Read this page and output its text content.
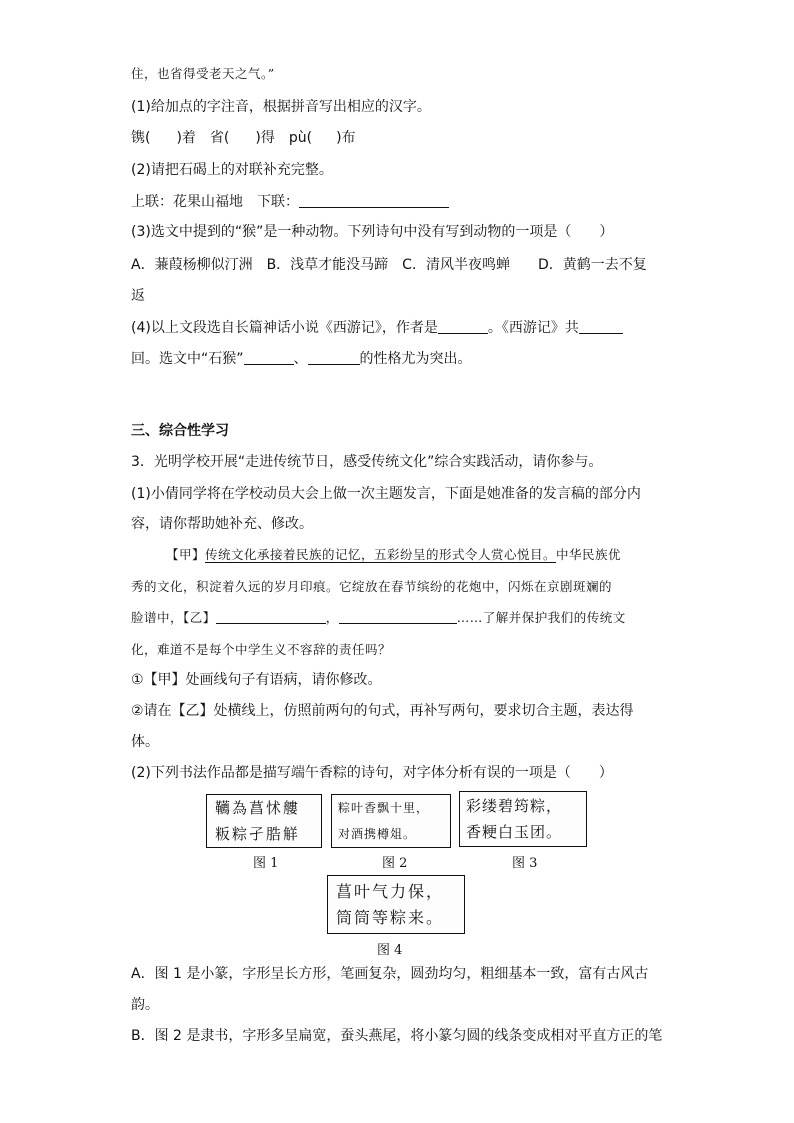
住，也省得受老天之气。”
(1)给加点的字注音，根据拼音写出相应的汉字。
镌( )着　省( )得　pù( )布
(2)请把石碣上的对联补充完整。
上联：花果山福地　下联：
(3)选文中提到的“猴”是一种动物。下列诗句中没有写到动物的一项是（　　）
A．蒹葭杨柳似汀洲　B．浅草才能没马蹄　C．清风半夜鸣蝉　　D．黄鹤一去不复
返
(4)以上文段选自长篇神话小说《西游记》，作者是	。《西游记》共
回。选文中“石猴”	、	的性格尤为突出。
三、综合性学习
3．光明学校开展“走进传统节日，感受传统文化”综合实践活动，请你参与。
(1)小倩同学将在学校动员大会上做一次主题发言，下面是她准备的发言稿的部分内
容，请你帮助她补充、修改。
【甲】传统文化承接着民族的记忆，五彩纷呈的形式令人赏心悦目。中华民族优
秀的文化，积淀着久远的岁月印痕。它绽放在春节缤纷的花炮中，闪烁在京剧斑斓的
脸谱中，【乙】	，	……了解并保护我们的传统文
化，难道不是每个中学生义不容辞的责任吗？
①【甲】处画线句子有语病，请你修改。
②请在【乙】处横线上，仿照前两句的句式，再补写两句，要求切合主题，表达得
体。
(2)下列书法作品都是描写端午香粽的诗句，对字体分析有误的一项是（　　）
韉為菖怵艛
粄粽孑㬶觧
图 1
粽叶香飘十里，
对酒携樽俎。
图 2
彩缕碧筠粽，
香粳白玉团。
图 3
菖叶气力保，
筒筒等粽来。
图 4
A．图 1 是小篆，字形呈长方形，笔画复杂，圆劲均匀，粗细基本一致，富有古风古
韵。
B．图 2 是隶书，字形多呈扁宽，蚕头燕尾，将小篆匀圆的线条变成相对平直方正的笔
